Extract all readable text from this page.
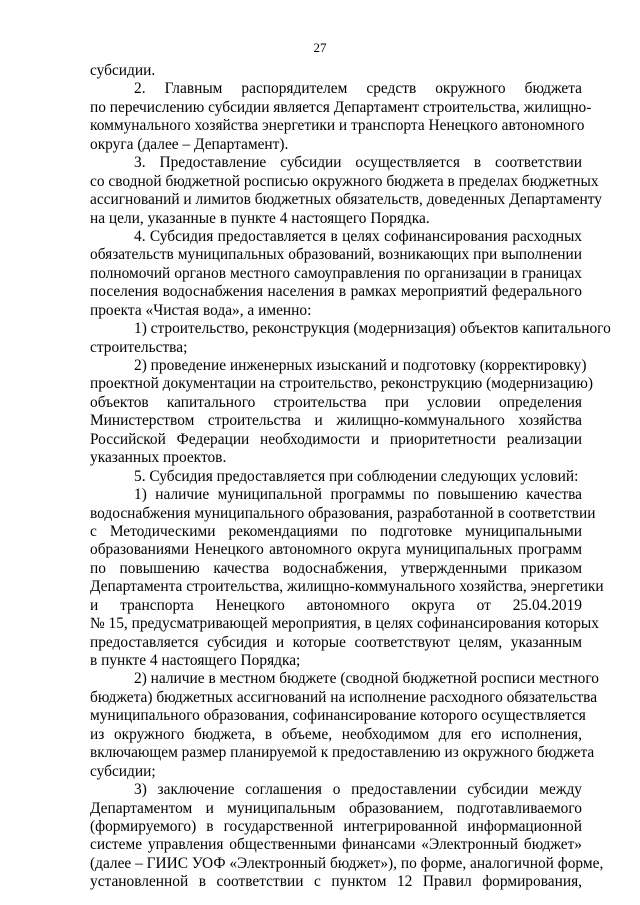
27
субсидии.
2. Главным распорядителем средств окружного бюджета
по перечислению субсидии является Департамент строительства, жилищно-
коммунального хозяйства энергетики и транспорта Ненецкого автономного
округа (далее – Департамент).
3. Предоставление субсидии осуществляется в соответствии
со сводной бюджетной росписью окружного бюджета в пределах бюджетных
ассигнований и лимитов бюджетных обязательств, доведенных Департаменту
на цели, указанные в пункте 4 настоящего Порядка.
4. Субсидия предоставляется в целях софинансирования расходных
обязательств муниципальных образований, возникающих при выполнении
полномочий органов местного самоуправления по организации в границах
поселения водоснабжения населения в рамках мероприятий федерального
проекта «Чистая вода», а именно:
1) строительство, реконструкция (модернизация) объектов капитального
строительства;
2) проведение инженерных изысканий и подготовку (корректировку)
проектной документации на строительство, реконструкцию (модернизацию)
объектов капитального строительства при условии определения
Министерством строительства и жилищно-коммунального хозяйства
Российской Федерации необходимости и приоритетности реализации
указанных проектов.
5. Субсидия предоставляется при соблюдении следующих условий:
1) наличие муниципальной программы по повышению качества
водоснабжения муниципального образования, разработанной в соответствии
с Методическими рекомендациями по подготовке муниципальными
образованиями Ненецкого автономного округа муниципальных программ
по повышению качества водоснабжения, утвержденными приказом
Департамента строительства, жилищно-коммунального хозяйства, энергетики
и транспорта Ненецкого автономного округа от 25.04.2019
№ 15, предусматривающей мероприятия, в целях софинансирования которых
предоставляется субсидия и которые соответствуют целям, указанным
в пункте 4 настоящего Порядка;
2) наличие в местном бюджете (сводной бюджетной росписи местного
бюджета) бюджетных ассигнований на исполнение расходного обязательства
муниципального образования, софинансирование которого осуществляется
из окружного бюджета, в объеме, необходимом для его исполнения,
включающем размер планируемой к предоставлению из окружного бюджета
субсидии;
3) заключение соглашения о предоставлении субсидии между
Департаментом и муниципальным образованием, подготавливаемого
(формируемого) в государственной интегрированной информационной
системе управления общественными финансами «Электронный бюджет»
(далее – ГИИС УОФ «Электронный бюджет»), по форме, аналогичной форме,
установленной в соответствии с пунктом 12 Правил формирования,
